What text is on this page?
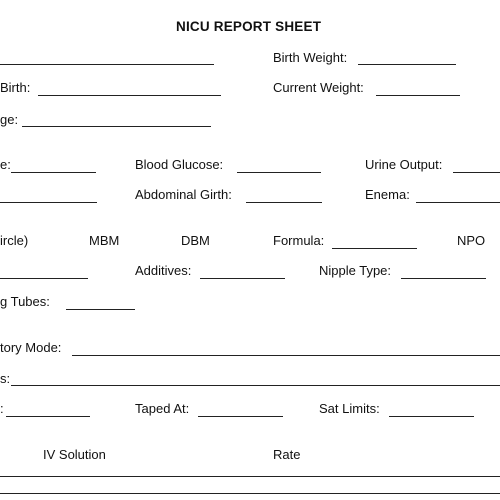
NICU REPORT SHEET
Birth Weight:
Birth:	Current Weight:
ge:
e:	Blood Glucose:	Urine Output:
Abdominal Girth:	Enema:
ircle)	MBM	DBM	Formula:	NPO
Additives:	Nipple Type:
g Tubes:
tory Mode:
s:
:	Taped At:	Sat Limits:
IV Solution	Rate
